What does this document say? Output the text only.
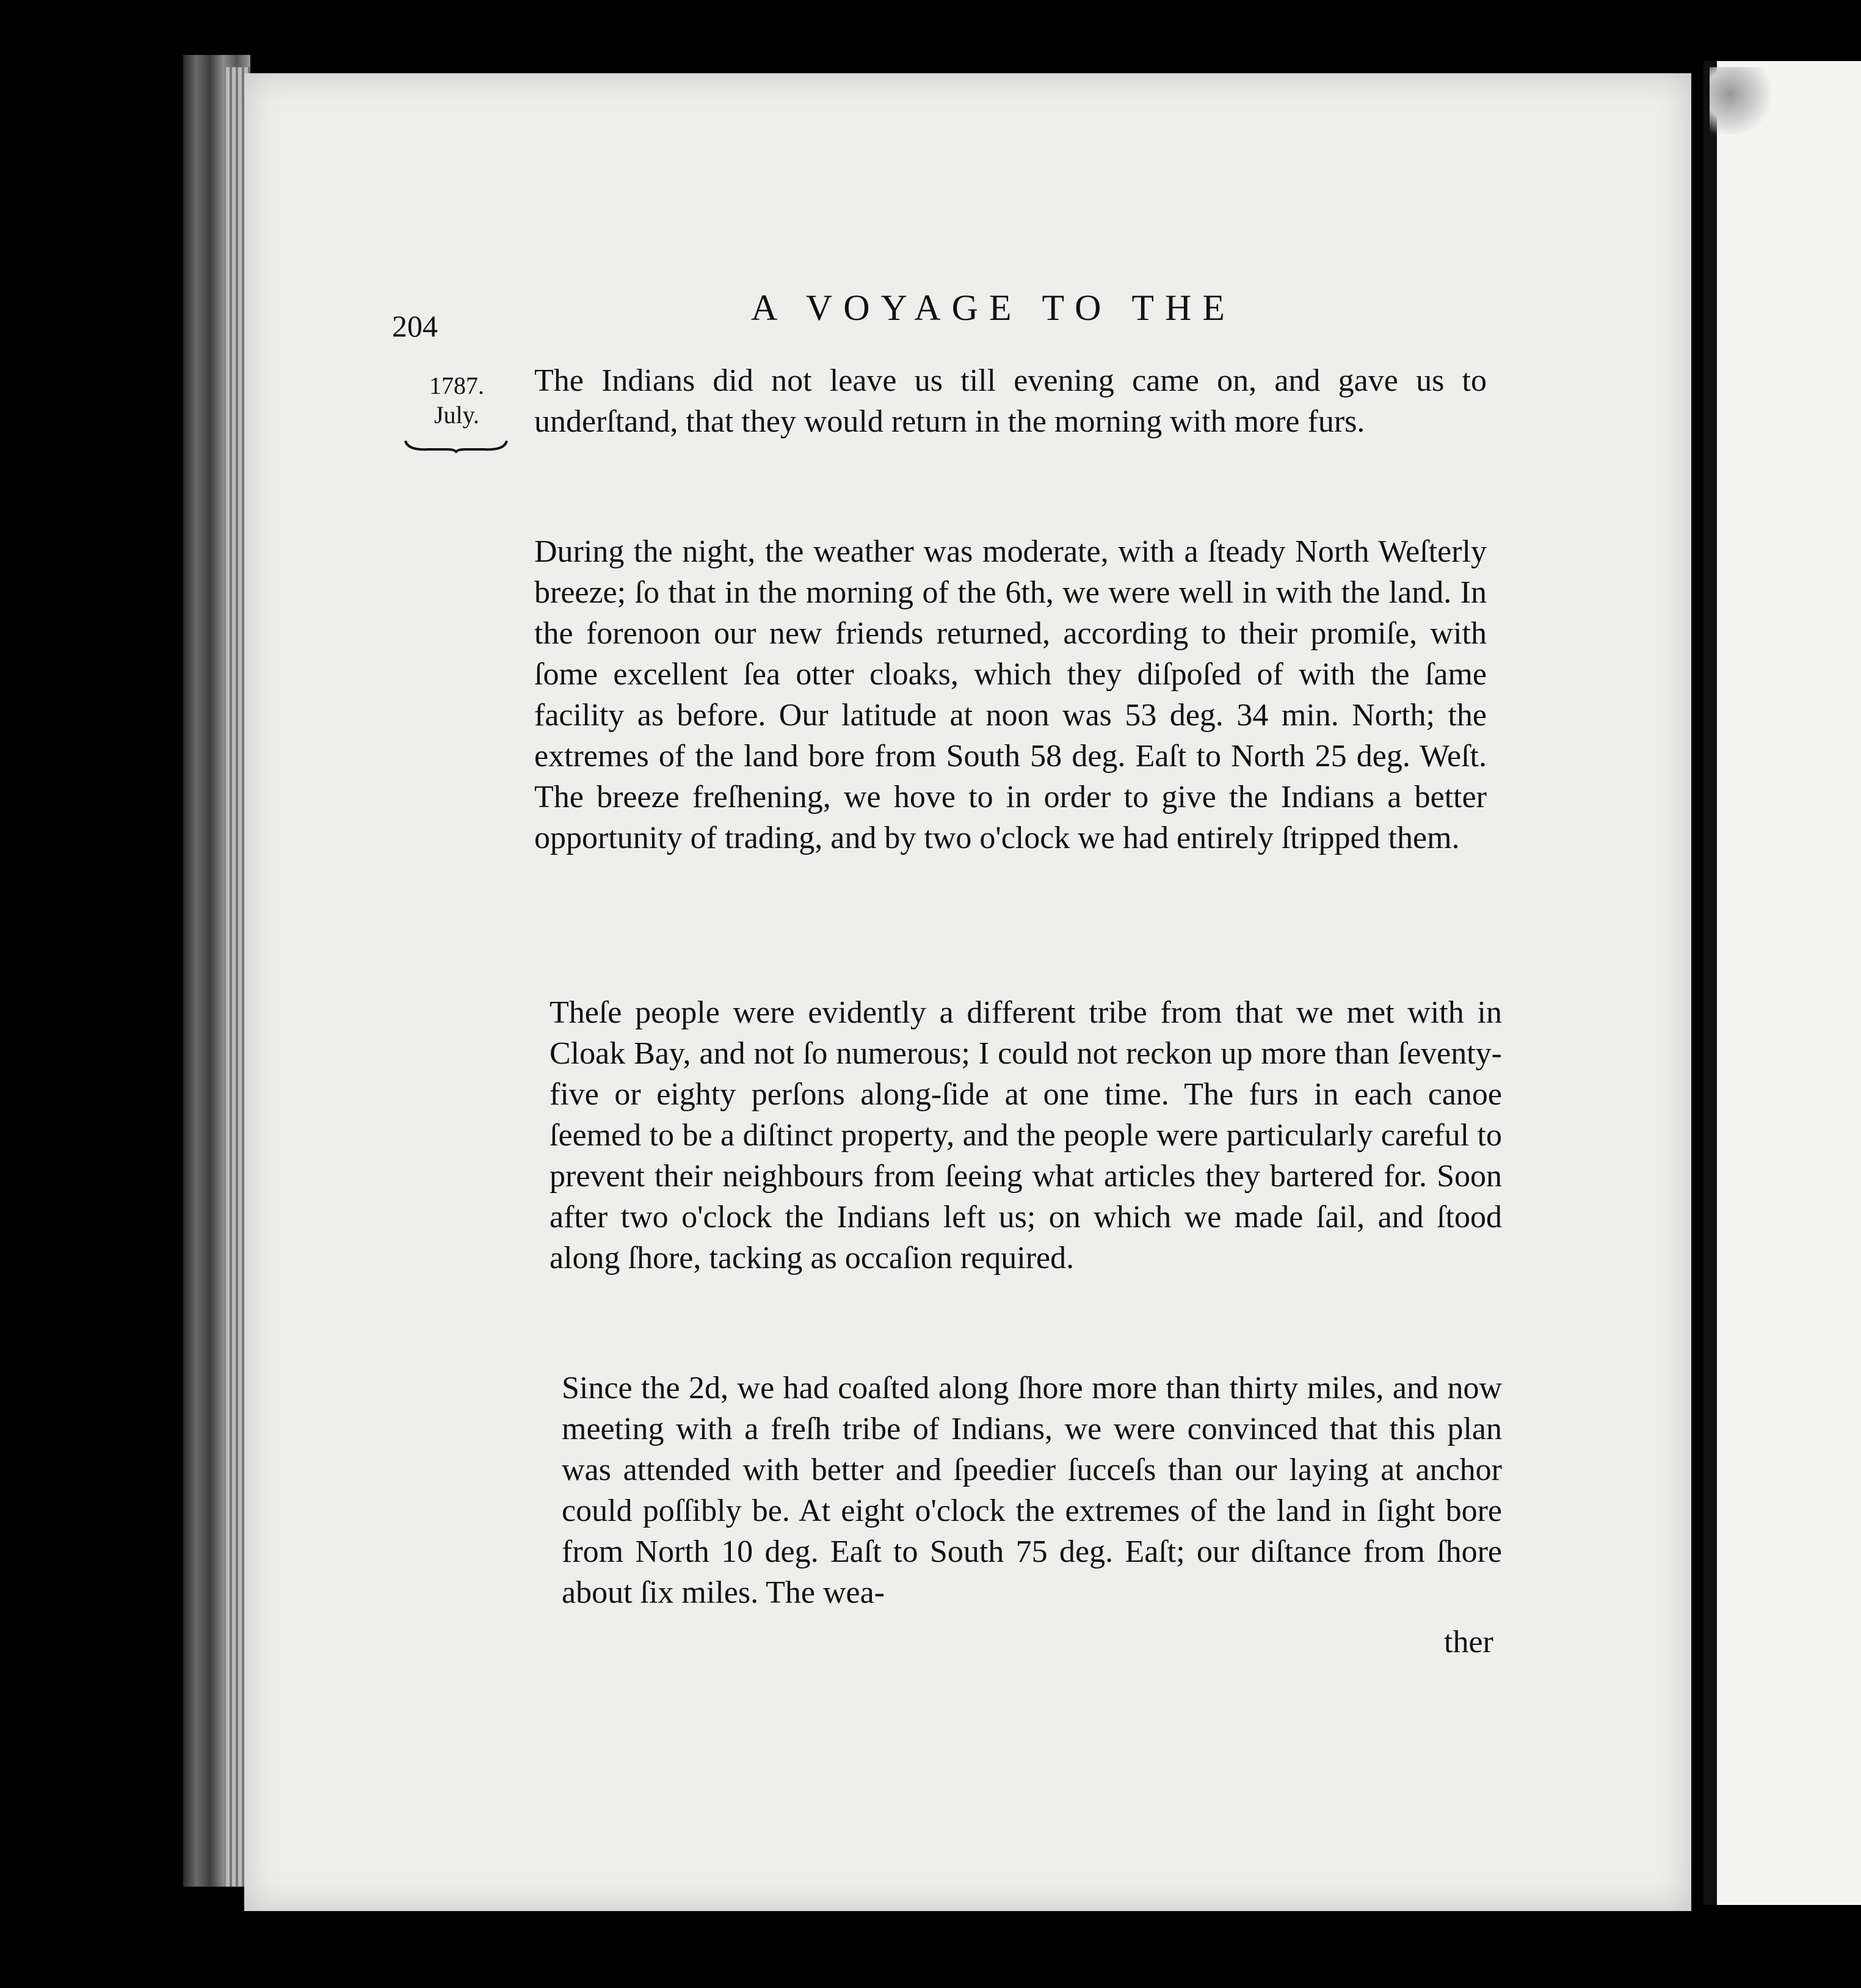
204	A VOYAGE TO THE
1787.
July.
The Indians did not leave us till evening came on, and gave us to underſtand, that they would return in the morning with more furs.
During the night, the weather was moderate, with a ſteady North Weſterly breeze; ſo that in the morning of the 6th, we were well in with the land. In the forenoon our new friends returned, according to their promiſe, with ſome excellent ſea otter cloaks, which they diſpoſed of with the ſame facility as before. Our latitude at noon was 53 deg. 34 min. North; the extremes of the land bore from South 58 deg. Eaſt to North 25 deg. Weſt. The breeze freſhening, we hove to in order to give the Indians a better opportunity of trading, and by two o'clock we had entirely ſtripped them.
Theſe people were evidently a different tribe from that we met with in Cloak Bay, and not ſo numerous; I could not reckon up more than ſeventy-five or eighty perſons along-ſide at one time. The furs in each canoe ſeemed to be a diſtinct property, and the people were particularly careful to prevent their neighbours from ſeeing what articles they bartered for. Soon after two o'clock the Indians left us; on which we made ſail, and ſtood along ſhore, tacking as occaſion required.
Since the 2d, we had coaſted along ſhore more than thirty miles, and now meeting with a freſh tribe of Indians, we were convinced that this plan was attended with better and ſpeedier ſucceſs than our laying at anchor could poſſibly be. At eight o'clock the extremes of the land in ſight bore from North 10 deg. Eaſt to South 75 deg. Eaſt; our diſtance from ſhore about ſix miles. The wea-
ther
